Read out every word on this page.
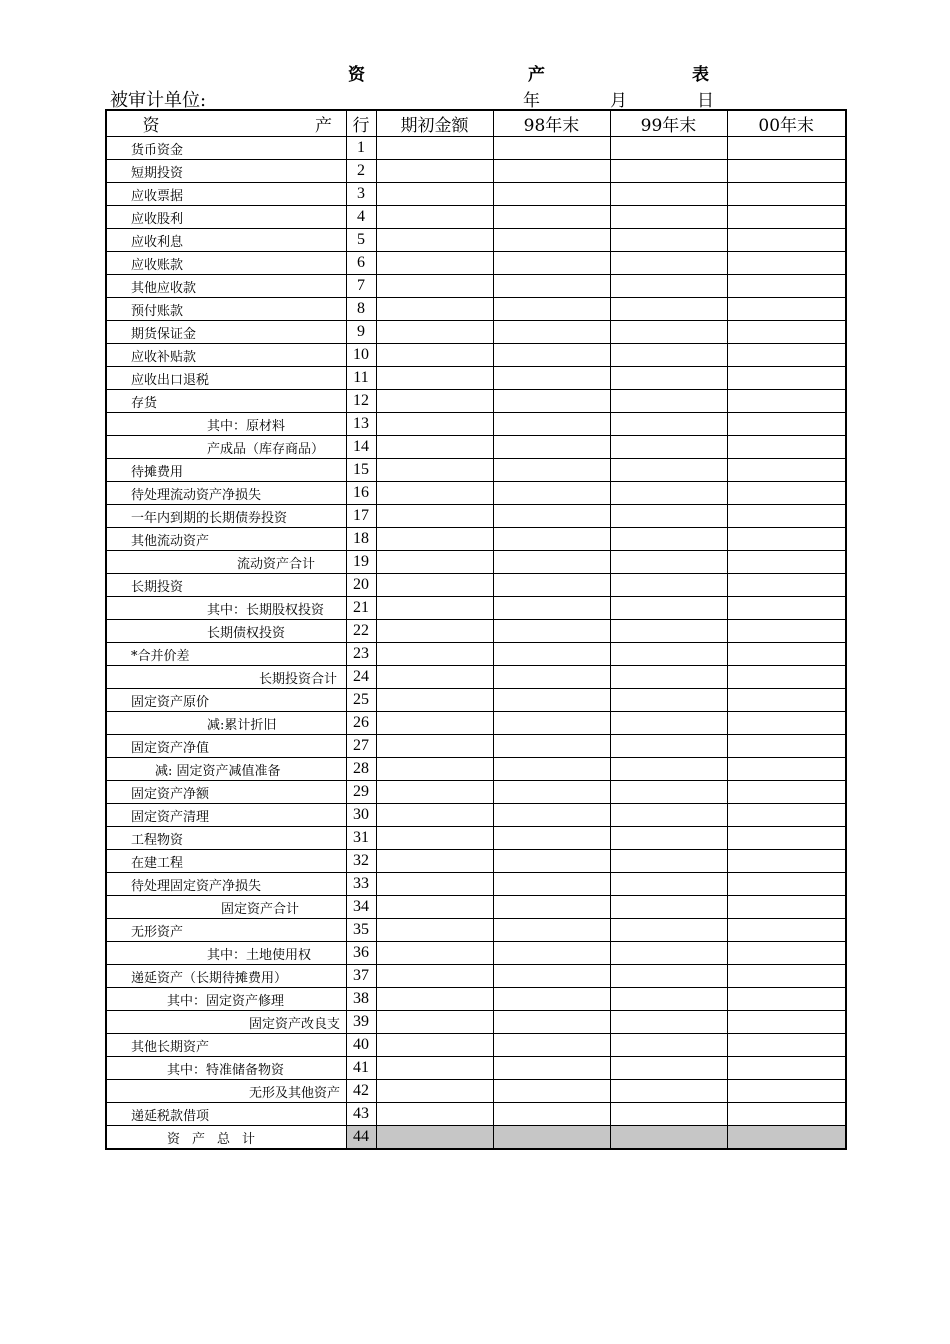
资	产	表
被审计单位:	年	月	日
资 产	行	期初金额	98年末	99年末	00年末
货币资金	1				
短期投资	2				
应收票据	3				
应收股利	4				
应收利息	5				
应收账款	6				
其他应收款	7				
预付账款	8				
期货保证金	9				
应收补贴款	10				
应收出口退税	11				
存货	12				
其中：原材料	13				
产成品（库存商品）	14				
待摊费用	15				
待处理流动资产净损失	16				
一年内到期的长期债券投资	17				
其他流动资产	18				
流动资产合计	19				
长期投资	20				
其中：长期股权投资	21				
长期债权投资	22				
*合并价差	23				
长期投资合计	24				
固定资产原价	25				
减:累计折旧	26				
固定资产净值	27				
减: 固定资产减值准备	28				
固定资产净额	29				
固定资产清理	30				
工程物资	31				
在建工程	32				
待处理固定资产净损失	33				
固定资产合计	34				
无形资产	35				
其中：土地使用权	36				
递延资产（长期待摊费用）	37				
其中：固定资产修理	38				
固定资产改良支	39				
其他长期资产	40				
其中：特准储备物资	41				
无形及其他资产	42				
递延税款借项	43				
资产总计	44				
